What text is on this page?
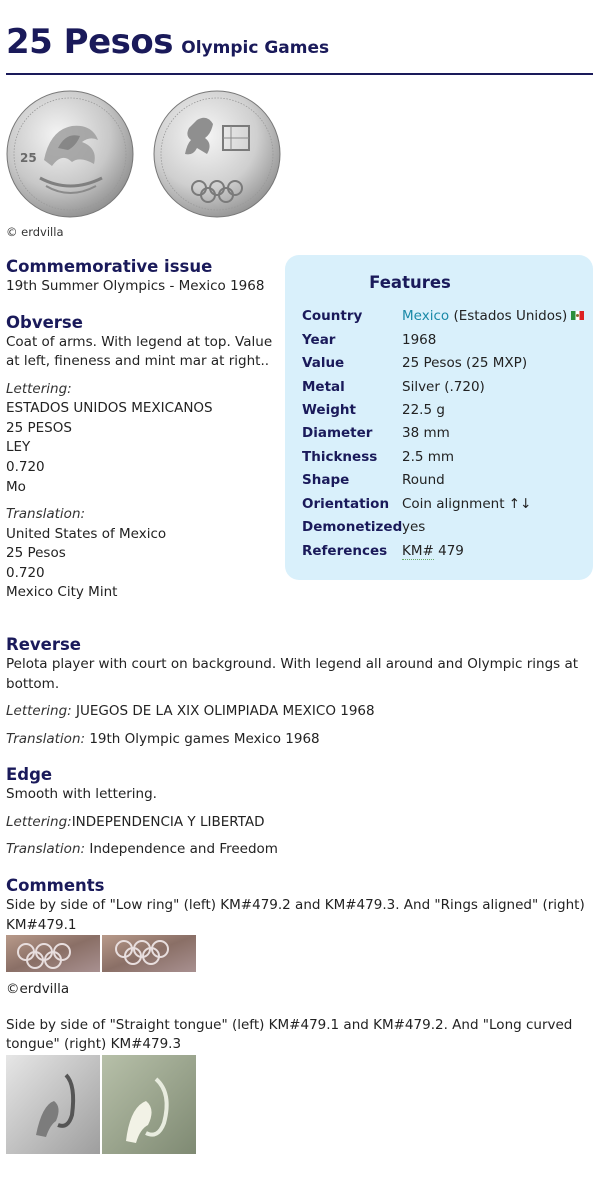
25 Pesos Olympic Games
25
© erdvilla
Commemorative issue

19th Summer Olympics - Mexico 1968

Obverse

Coat of arms. With legend at top. Value at left, fineness and mint mar at right..

Lettering:

ESTADOS UNIDOS MEXICANOS

25 PESOS

LEY

0.720

Mo

Translation:

United States of Mexico

25 Pesos

0.720

Mexico City Mint

Features
Country	Mexico (Estados Unidos)
Year	1968
Value	25 Pesos (25 MXP)
Metal	Silver (.720)
Weight	22.5 g
Diameter 38 mm
Thickness 2.5 mm
Shape	Round
Orientation Coin alignment ↑↓
Demonetized yes
References KM# 479
Reverse

Pelota player with court on background. With legend all around and Olympic rings at bottom.

Lettering: JUEGOS DE LA XIX OLIMPIADA MEXICO 1968

Translation: 19th Olympic games Mexico 1968

Edge

Smooth with lettering.

Lettering:INDEPENDENCIA Y LIBERTAD

Translation: Independence and Freedom

Comments

Side by side of "Low ring" (left) KM#479.2 and KM#479.3. And "Rings aligned" (right) KM#479.1

©erdvilla

Side by side of "Straight tongue" (left) KM#479.1 and KM#479.2. And "Long curved tongue" (right) KM#479.3
